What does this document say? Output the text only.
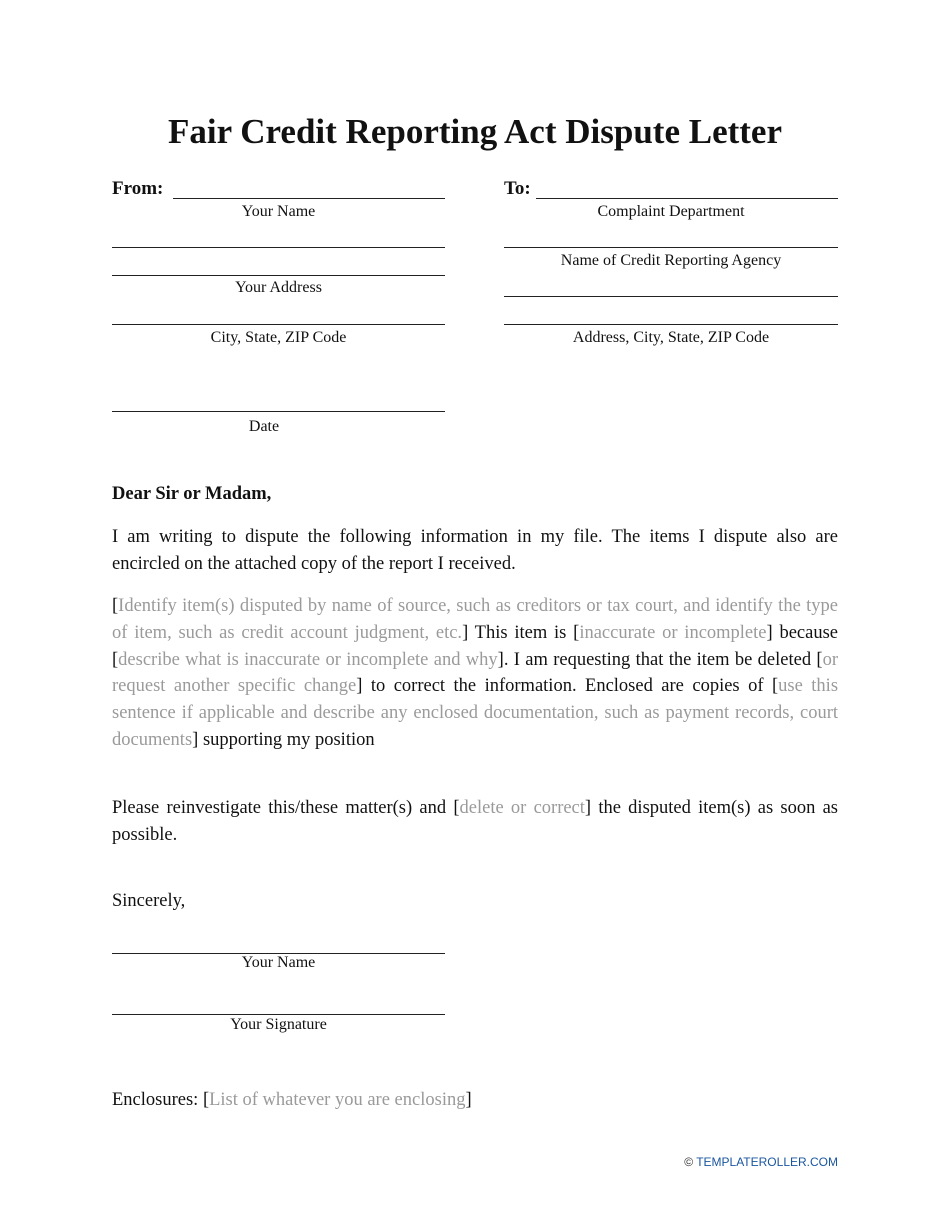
Fair Credit Reporting Act Dispute Letter
From:
Your Name
Your Address
City, State, ZIP Code
Date
To:
Complaint Department
Name of Credit Reporting Agency
Address, City, State, ZIP Code
Dear Sir or Madam,
I am writing to dispute the following information in my file. The items I dispute also are encircled on the attached copy of the report I received.
[Identify item(s) disputed by name of source, such as creditors or tax court, and identify the type of item, such as credit account judgment, etc.] This item is [inaccurate or incomplete] because [describe what is inaccurate or incomplete and why]. I am requesting that the item be deleted [or request another specific change] to correct the information. Enclosed are copies of [use this sentence if applicable and describe any enclosed documentation, such as payment records, court documents] supporting my position
Please reinvestigate this/these matter(s) and [delete or correct] the disputed item(s) as soon as possible.
Sincerely,
Your Name
Your Signature
Enclosures: [List of whatever you are enclosing]
© TEMPLATEROLLER.COM
